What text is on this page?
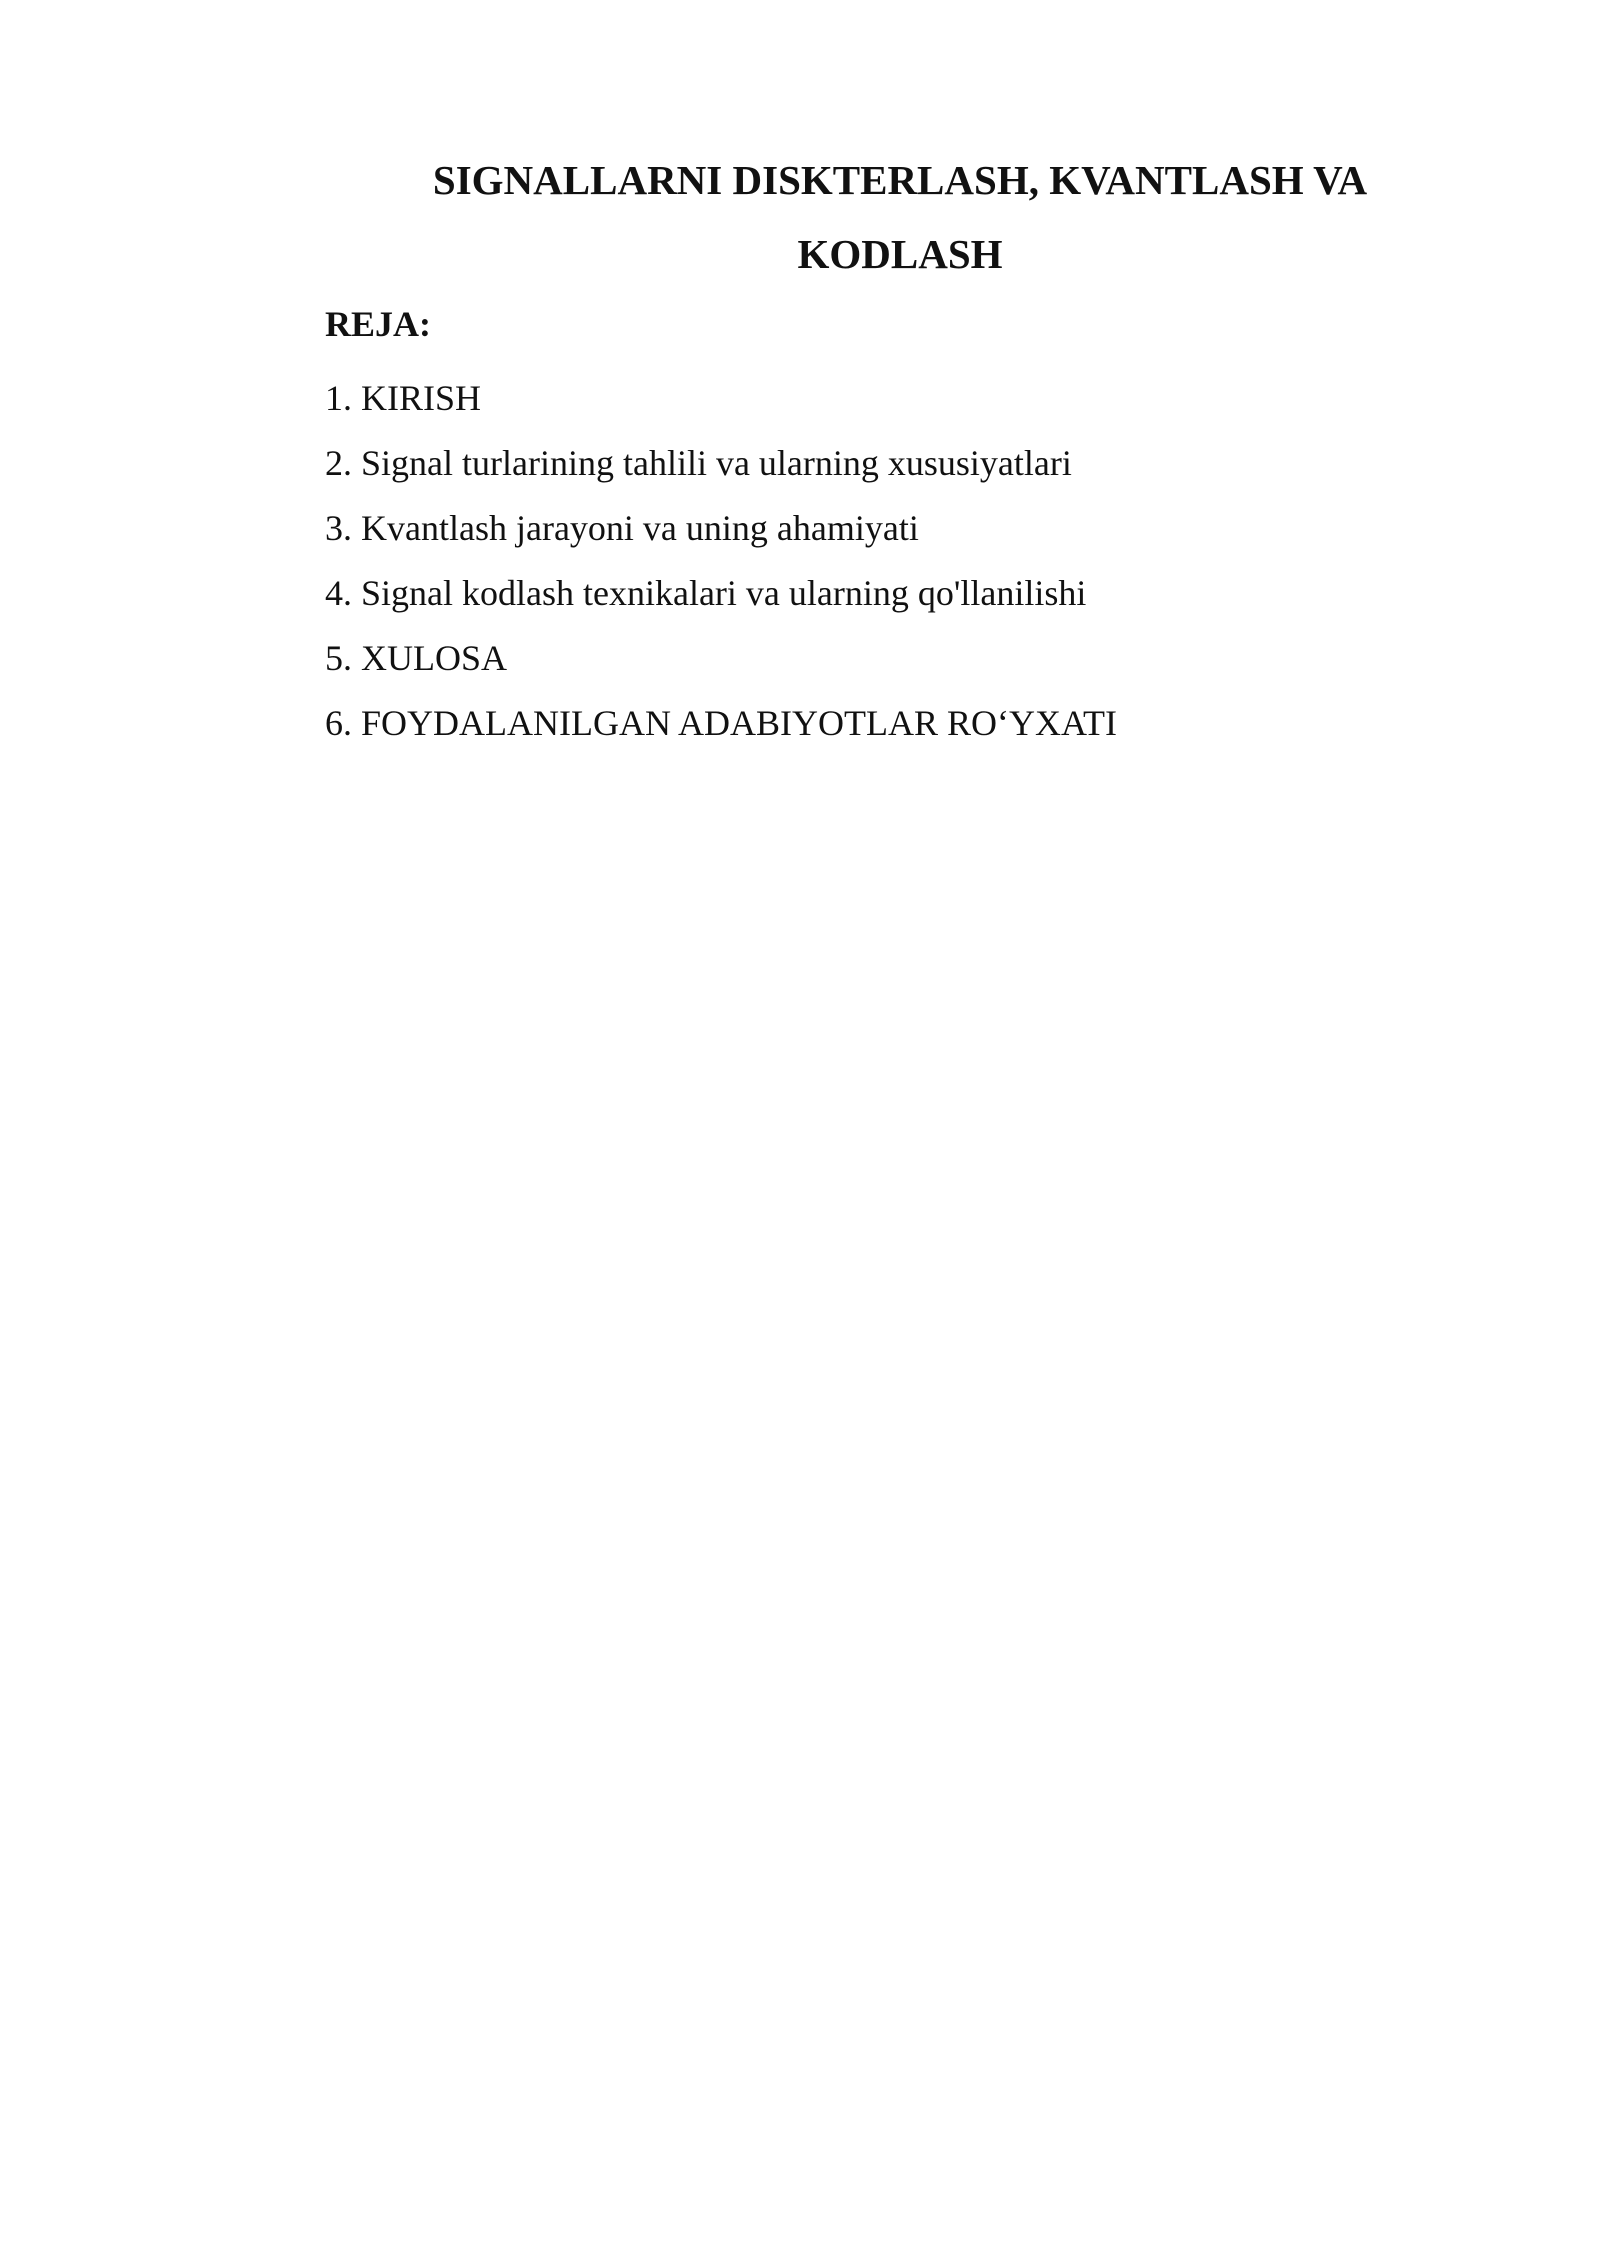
SIGNALLARNI DISKTERLASH, KVANTLASH VA
KODLASH

REJA:

1. KIRISH
2. Signal turlarining tahlili va ularning xususiyatlari
3. Kvantlash jarayoni va uning ahamiyati
4. Signal kodlash texnikalari va ularning qo'llanilishi
5. XULOSA
6. FOYDALANILGAN ADABIYOTLAR RO‘YXATI
